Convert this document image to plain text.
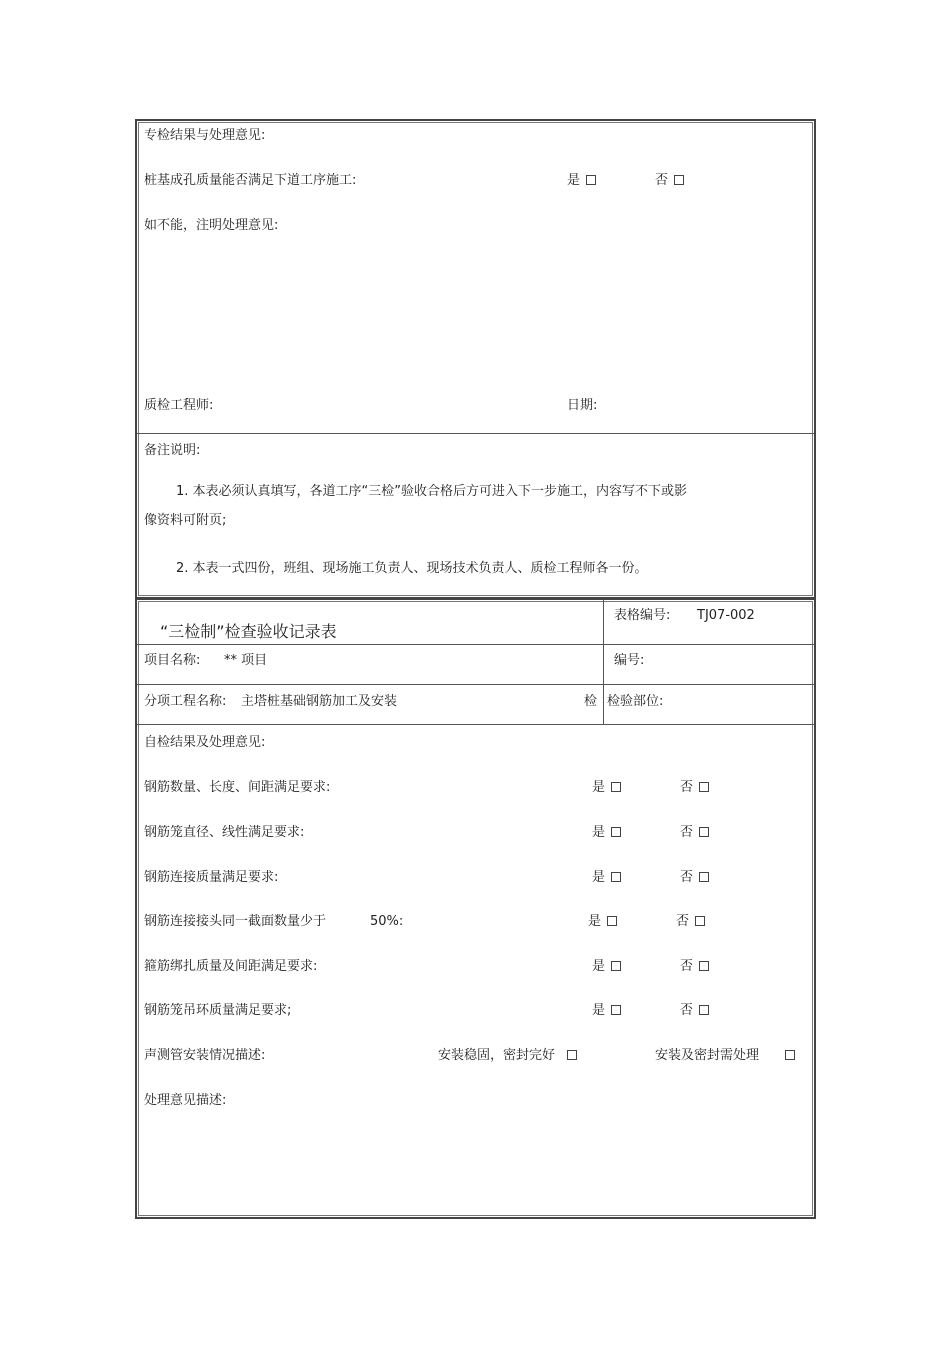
专检结果与处理意见:
桩基成孔质量能否满足下道工序施工:	是	否
如不能，注明处理意见:
质检工程师:	日期:
备注说明:
1. 本表必须认真填写，各道工序“三检”验收合格后方可进入下一步施工，内容写不下或影
像资料可附页;
2. 本表一式四份，班组、现场施工负责人、现场技术负责人、质检工程师各一份。
“三检制”检查验收记录表
表格编号: TJ07-002
项目名称: ** 项目	编号:
分项工程名称: 主塔桩基础钢筋加工及安装	检 检验部位:
自检结果及处理意见:
钢筋数量、长度、间距满足要求:	是	否
钢筋笼直径、线性满足要求:	是	否
钢筋连接质量满足要求:	是	否
钢筋连接接头同一截面数量少于	50%:	是	否
箍筋绑扎质量及间距满足要求:	是	否
钢筋笼吊环质量满足要求;	是	否
声测管安装情况描述:	安装稳固，密封完好	安装及密封需处理
处理意见描述:
